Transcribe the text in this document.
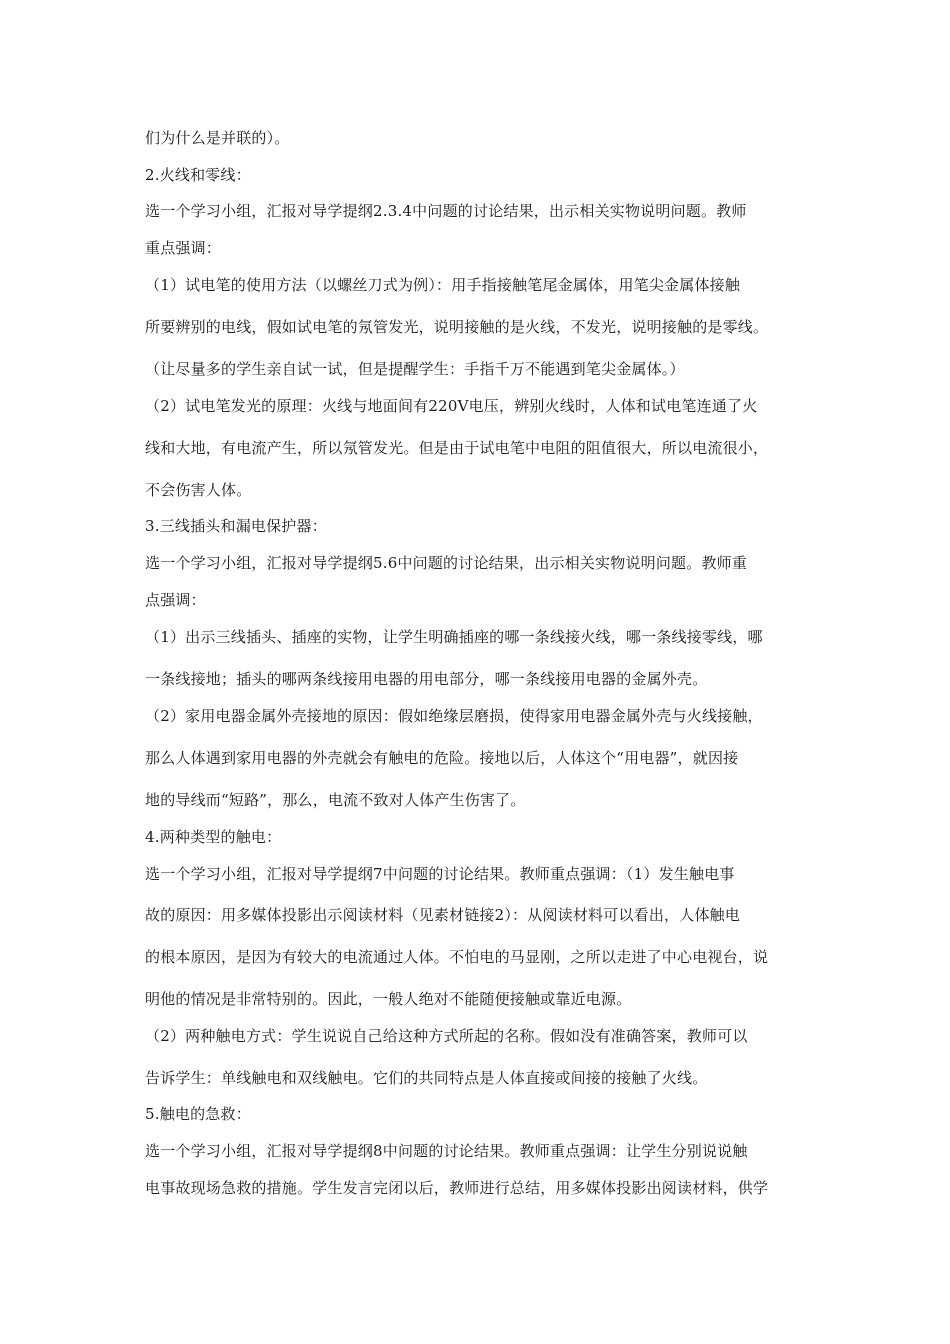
们为什么是并联的）。
2.火线和零线：
选一个学习小组，汇报对导学提纲2.3.4中问题的讨论结果，出示相关实物说明问题。教师
重点强调：
（1）试电笔的使用方法（以螺丝刀式为例）：用手指接触笔尾金属体，用笔尖金属体接触
所要辨别的电线，假如试电笔的氖管发光，说明接触的是火线，不发光，说明接触的是零线。
（让尽量多的学生亲自试一试，但是提醒学生：手指千万不能遇到笔尖金属体。）
（2）试电笔发光的原理：火线与地面间有220V电压，辨别火线时，人体和试电笔连通了火
线和大地，有电流产生，所以氖管发光。但是由于试电笔中电阻的阻值很大，所以电流很小，
不会伤害人体。
3.三线插头和漏电保护器：
选一个学习小组，汇报对导学提纲5.6中问题的讨论结果，出示相关实物说明问题。教师重
点强调：
（1）出示三线插头、插座的实物，让学生明确插座的哪一条线接火线，哪一条线接零线，哪
一条线接地；插头的哪两条线接用电器的用电部分，哪一条线接用电器的金属外壳。
（2）家用电器金属外壳接地的原因：假如绝缘层磨损，使得家用电器金属外壳与火线接触，
那么人体遇到家用电器的外壳就会有触电的危险。接地以后，人体这个“用电器”，就因接
地的导线而“短路”，那么，电流不致对人体产生伤害了。
4.两种类型的触电：
选一个学习小组，汇报对导学提纲7中问题的讨论结果。教师重点强调：（1）发生触电事
故的原因：用多媒体投影出示阅读材料（见素材链接2）：从阅读材料可以看出，人体触电
的根本原因，是因为有较大的电流通过人体。不怕电的马显刚，之所以走进了中心电视台，说
明他的情况是非常特别的。因此，一般人绝对不能随便接触或靠近电源。
（2）两种触电方式：学生说说自己给这种方式所起的名称。假如没有准确答案，教师可以
告诉学生：单线触电和双线触电。它们的共同特点是人体直接或间接的接触了火线。
5.触电的急救：
选一个学习小组，汇报对导学提纲8中问题的讨论结果。教师重点强调：让学生分别说说触
电事故现场急救的措施。学生发言完闭以后，教师进行总结，用多媒体投影出阅读材料，供学
